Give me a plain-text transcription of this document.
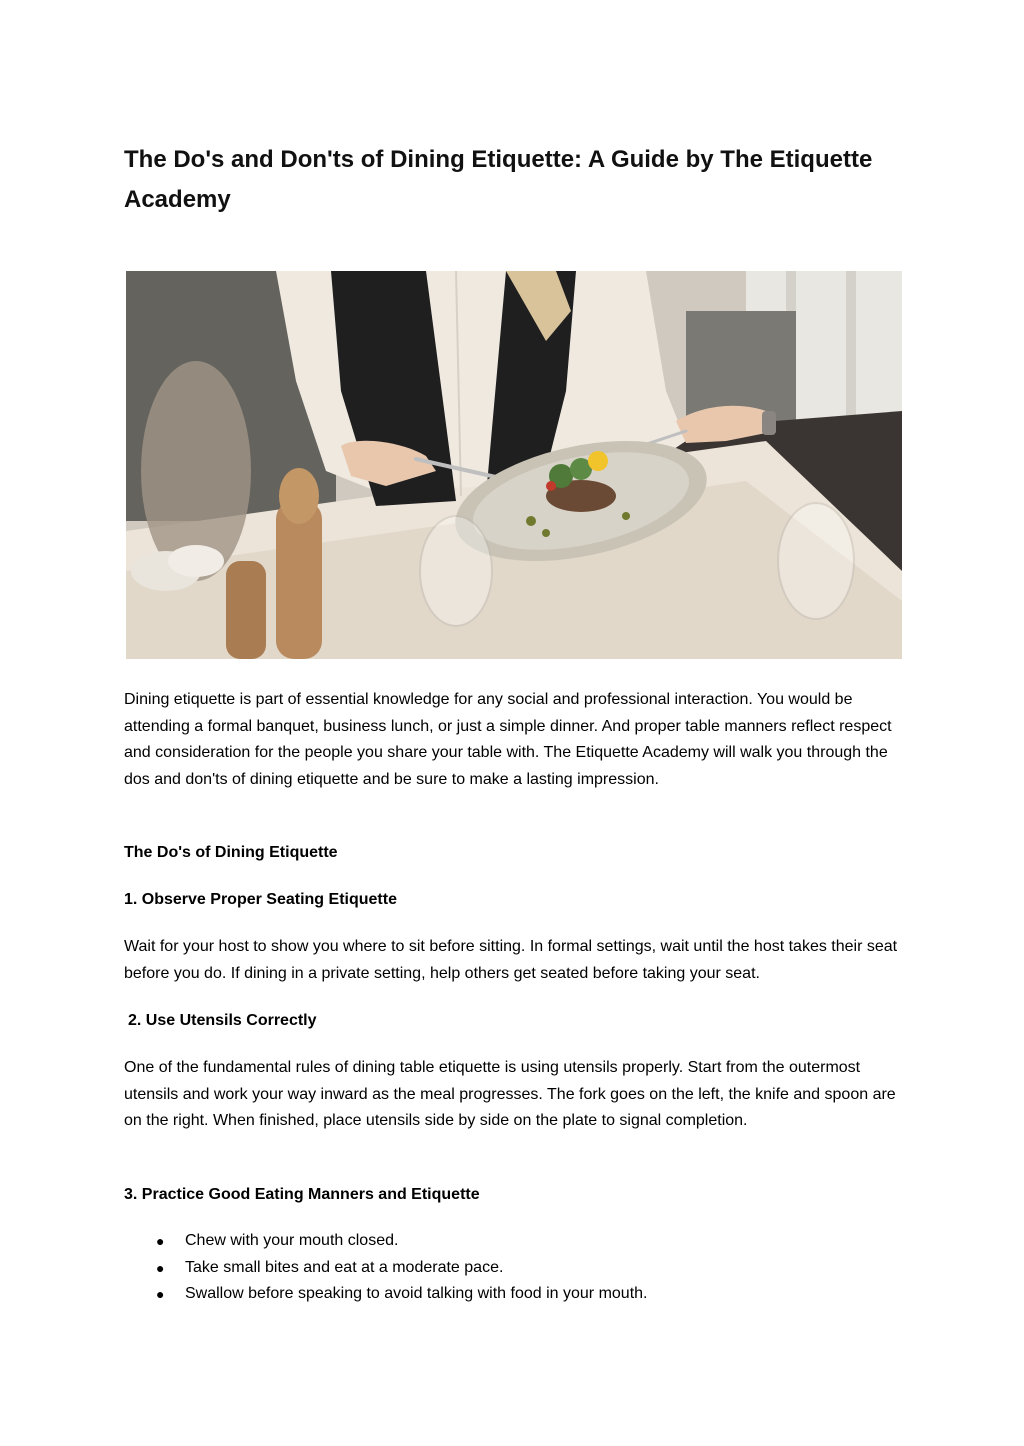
The Do's and Don'ts of Dining Etiquette: A Guide by The Etiquette Academy

Dining etiquette is part of essential knowledge for any social and professional interaction. You would be attending a formal banquet, business lunch, or just a simple dinner. And proper table manners reflect respect and consideration for the people you share your table with. The Etiquette Academy will walk you through the dos and don'ts of dining etiquette and be sure to make a lasting impression.

The Do's of Dining Etiquette

1. Observe Proper Seating Etiquette

Wait for your host to show you where to sit before sitting. In formal settings, wait until the host takes their seat before you do. If dining in a private setting, help others get seated before taking your seat.

2. Use Utensils Correctly

One of the fundamental rules of dining table etiquette is using utensils properly. Start from the outermost utensils and work your way inward as the meal progresses. The fork goes on the left, the knife and spoon are on the right. When finished, place utensils side by side on the plate to signal completion.

3. Practice Good Eating Manners and Etiquette

● Chew with your mouth closed.
● Take small bites and eat at a moderate pace.
● Swallow before speaking to avoid talking with food in your mouth.
